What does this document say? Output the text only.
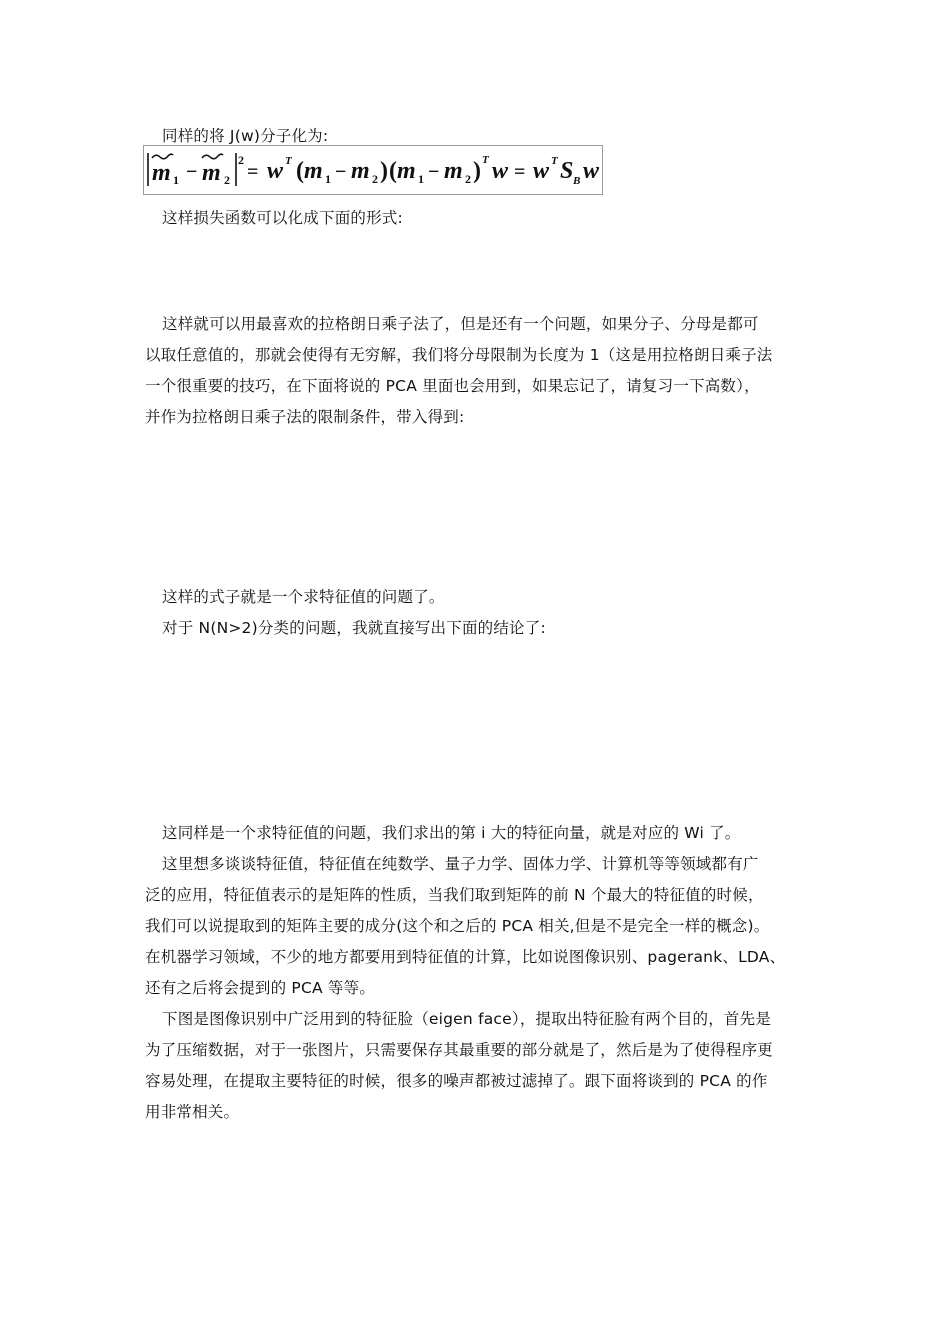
同样的将 J(w)分子化为:
m 1 − m 2
2
= w T ( m 1 − m 2 ) ( m 1 − m 2 ) T w = w T S B w
这样损失函数可以化成下面的形式:
这样就可以用最喜欢的拉格朗日乘子法了，但是还有一个问题，如果分子、分母是都可
以取任意值的，那就会使得有无穷解，我们将分母限制为长度为 1（这是用拉格朗日乘子法
一个很重要的技巧，在下面将说的 PCA 里面也会用到，如果忘记了，请复习一下高数），
并作为拉格朗日乘子法的限制条件，带入得到:
这样的式子就是一个求特征值的问题了。
对于 N(N>2)分类的问题，我就直接写出下面的结论了:
这同样是一个求特征值的问题，我们求出的第 i 大的特征向量，就是对应的 Wi 了。
这里想多谈谈特征值，特征值在纯数学、量子力学、固体力学、计算机等等领域都有广
泛的应用，特征值表示的是矩阵的性质，当我们取到矩阵的前 N 个最大的特征值的时候，
我们可以说提取到的矩阵主要的成分(这个和之后的 PCA 相关,但是不是完全一样的概念)。
在机器学习领域，不少的地方都要用到特征值的计算，比如说图像识别、pagerank、LDA、
还有之后将会提到的 PCA 等等。
下图是图像识别中广泛用到的特征脸（eigen face），提取出特征脸有两个目的，首先是
为了压缩数据，对于一张图片，只需要保存其最重要的部分就是了，然后是为了使得程序更
容易处理，在提取主要特征的时候，很多的噪声都被过滤掉了。跟下面将谈到的 PCA 的作
用非常相关。
